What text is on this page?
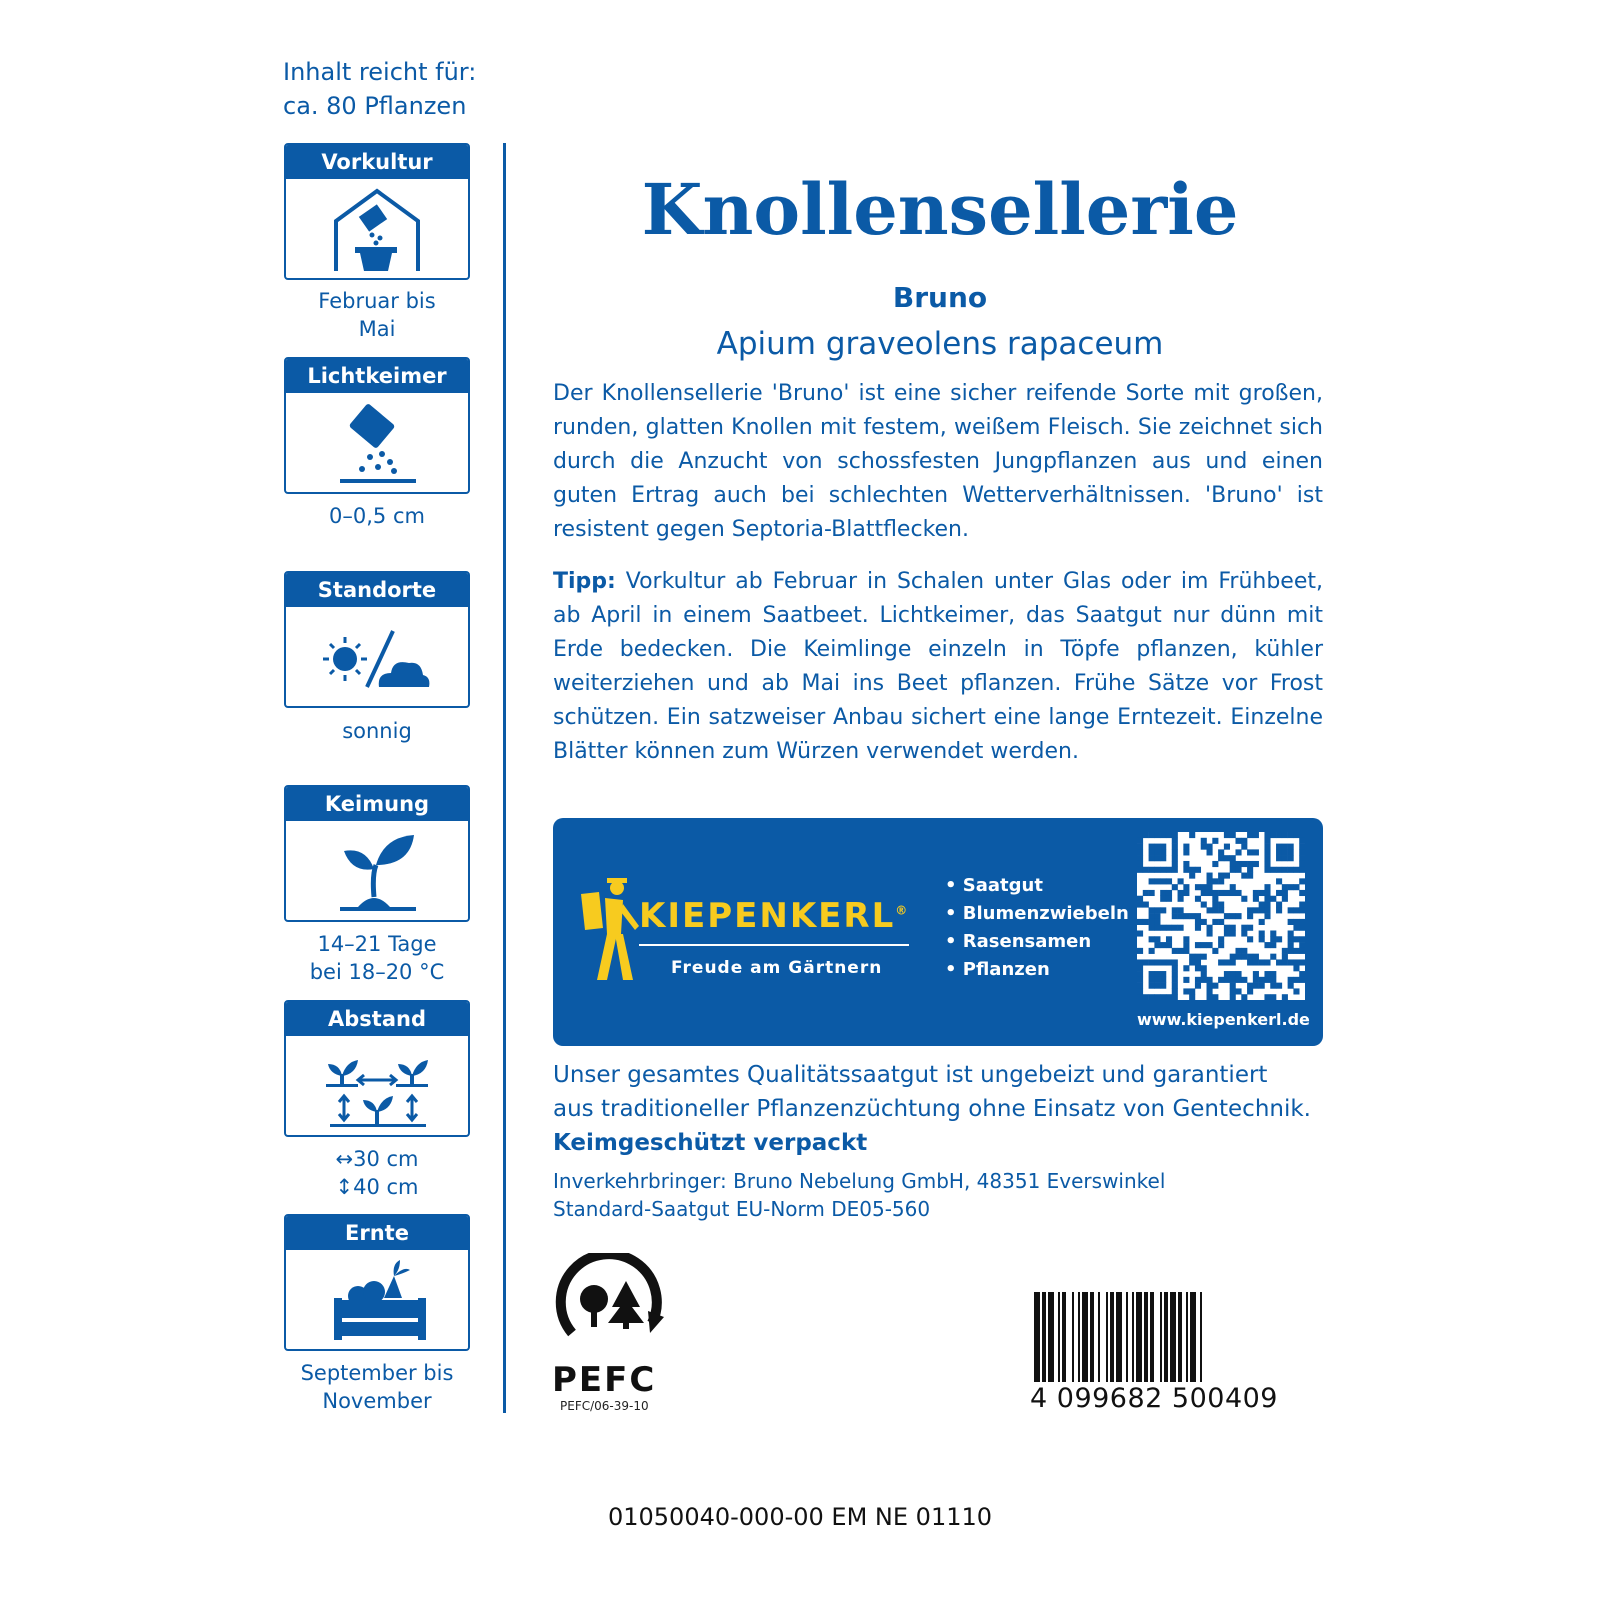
Inhalt reicht für:
ca. 80 Pflanzen
Vorkultur
Februar bis
Mai
Lichtkeimer
0–0,5 cm
Standorte
sonnig
Keimung
14–21 Tage
bei 18–20 °C
Abstand
↔30 cm
↕40 cm
Ernte
September bis
November
Knollensellerie
Bruno
Apium graveolens rapaceum
Der Knollensellerie 'Bruno' ist eine sicher reifende Sorte mit großen, runden, glatten Knollen mit festem, weißem Fleisch. Sie zeichnet sich durch die Anzucht von schossfesten Jungpflanzen aus und einen guten Ertrag auch bei schlechten Wetterverhältnissen. 'Bruno' ist resistent gegen Septoria-Blattflecken.
Tipp: Vorkultur ab Februar in Schalen unter Glas oder im Frühbeet, ab April in einem Saatbeet. Lichtkeimer, das Saatgut nur dünn mit Erde bedecken. Die Keimlinge einzeln in Töpfe pflanzen, kühler weiterziehen und ab Mai ins Beet pflanzen. Frühe Sätze vor Frost schützen. Ein satzweiser Anbau sichert eine lange Erntezeit. Einzelne Blätter können zum Würzen verwendet werden.
KIEPENKERL®
Freude am Gärtnern
• Saatgut
• Blumenzwiebeln
• Rasensamen
• Pflanzen
www.kiepenkerl.de
Unser gesamtes Qualitätssaatgut ist ungebeizt und garantiert
aus traditioneller Pflanzenzüchtung ohne Einsatz von Gentechnik.
Keimgeschützt verpackt
Inverkehrbringer: Bruno Nebelung GmbH, 48351 Everswinkel
Standard-Saatgut EU-Norm DE05-560
PEFC
PEFC/06-39-10	4 099682 500409
01050040-000-00 EM NE 01110
